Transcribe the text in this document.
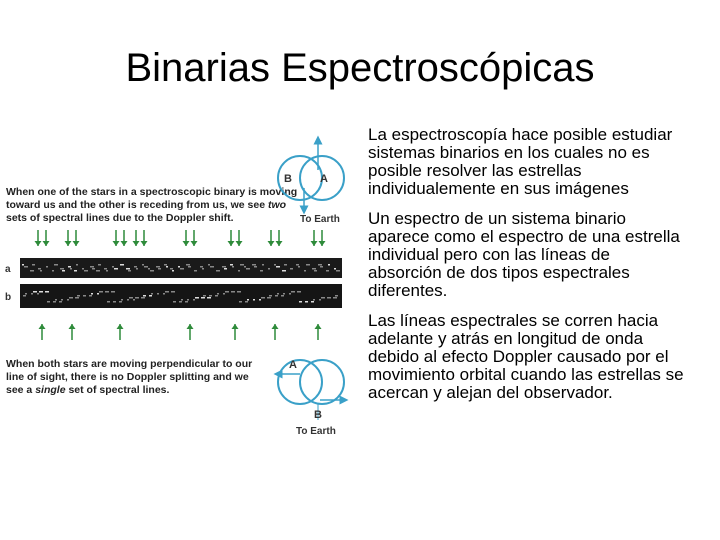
Binarias Espectroscópicas
When one of the stars in a spectroscopic binary is moving toward us and the other is receding from us, we see two sets of spectral lines due to the Doppler shift.
When both stars are moving perpendicular to our line of sight, there is no Doppler splitting and we see a single set of spectral lines.
B	A
To Earth
a
b
A
B
To Earth
La espectroscopía hace posible estudiar sistemas binarios en los cuales no es posible resolver las estrellas individualemente en sus imágenes
Un espectro de un sistema binario aparece como el espectro de una estrella individual pero con las líneas de absorción de dos tipos espectrales diferentes.
Las líneas espectrales se corren hacia adelante y atrás en longitud de onda debido al efecto Doppler causado por el movimiento orbital cuando las estrellas se acercan y alejan del observador.
